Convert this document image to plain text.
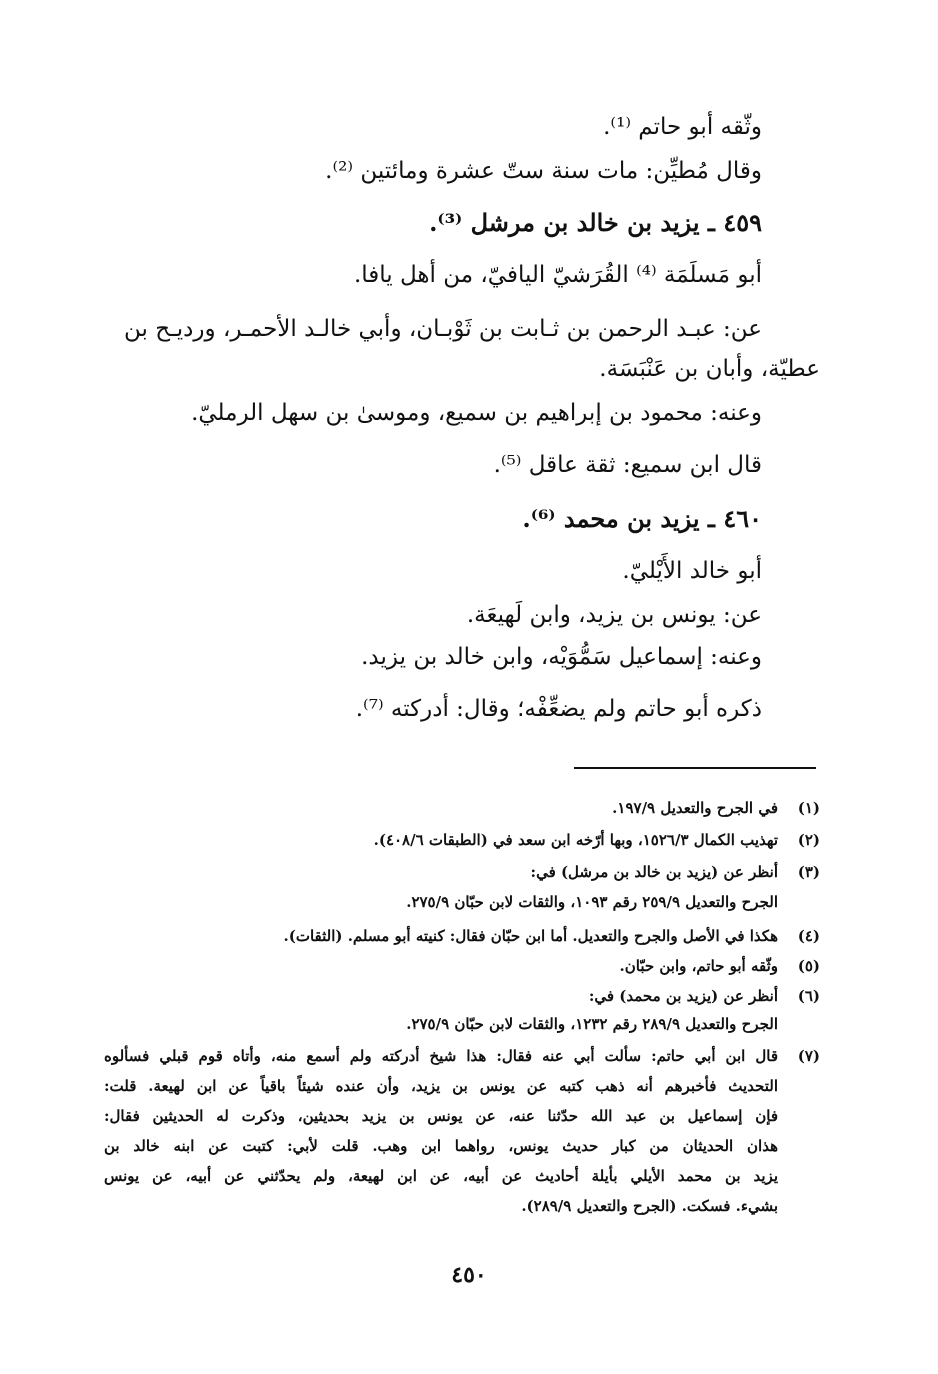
وثّقه أبو حاتم ⁽¹⁾.
وقال مُطيِّن: مات سنة ستّ عشرة ومائتين ⁽²⁾.
٤٥٩ ـ يزيد بن خالد بن مرشل ⁽³⁾.
أبو مَسلَمَة ⁽⁴⁾ القُرَشيّ اليافيّ، من أهل يافا.
عن: عبـد الرحمن بن ثـابت بن ثَوْبـان، وأبي خالـد الأحمـر، ورديـح بن
عطيّة، وأبان بن عَنْبَسَة.
وعنه: محمود بن إبراهيم بن سميع، وموسىٰ بن سهل الرمليّ.
قال ابن سميع: ثقة عاقل ⁽⁵⁾.
٤٦٠ ـ يزيد بن محمد ⁽⁶⁾.
أبو خالد الأَيْليّ.
عن: يونس بن يزيد، وابن لَهيعَة.
وعنه: إسماعيل سَمُّوَيْه، وابن خالد بن يزيد.
ذكره أبو حاتم ولم يضعِّفْه؛ وقال: أدركته ⁽⁷⁾.
(١)
في الجرح والتعديل ١٩٧/٩.
(٢)
تهذيب الكمال ١٥٢٦/٣، وبها أرّخه ابن سعد في (الطبقات ٤٠٨/٦).
(٣)
أنظر عن (يزيد بن خالد بن مرشل) في:
الجرح والتعديل ٢٥٩/٩ رقم ١٠٩٣، والثقات لابن حبّان ٢٧٥/٩.
(٤)
هكذا في الأصل والجرح والتعديل. أما ابن حبّان فقال: كنيته أبو مسلم. (الثقات).
(٥)
وثّقه أبو حاتم، وابن حبّان.
(٦)
أنظر عن (يزيد بن محمد) في:
الجرح والتعديل ٢٨٩/٩ رقم ١٢٣٢، والثقات لابن حبّان ٢٧٥/٩.
(٧)
قال ابن أبي حاتم: سألت أبي عنه فقال: هذا شيخ أدركته ولم أسمع منه، وأتاه قوم قبلي فسألوه
التحديث فأخبرهم أنه ذهب كتبه عن يونس بن يزيد، وأن عنده شيئاً باقياً عن ابن لهيعة. قلت:
فإن إسماعيل بن عبد الله حدّثنا عنه، عن يونس بن يزيد بحديثين، وذكرت له الحديثين فقال:
هذان الحديثان من كبار حديث يونس، رواهما ابن وهب. قلت لأبي: كتبت عن ابنه خالد بن
يزيد بن محمد الأيلي بأيلة أحاديث عن أبيه، عن ابن لهيعة، ولم يحدّثني عن أبيه، عن يونس
بشيء. فسكت. (الجرح والتعديل ٢٨٩/٩).
٤٥٠
